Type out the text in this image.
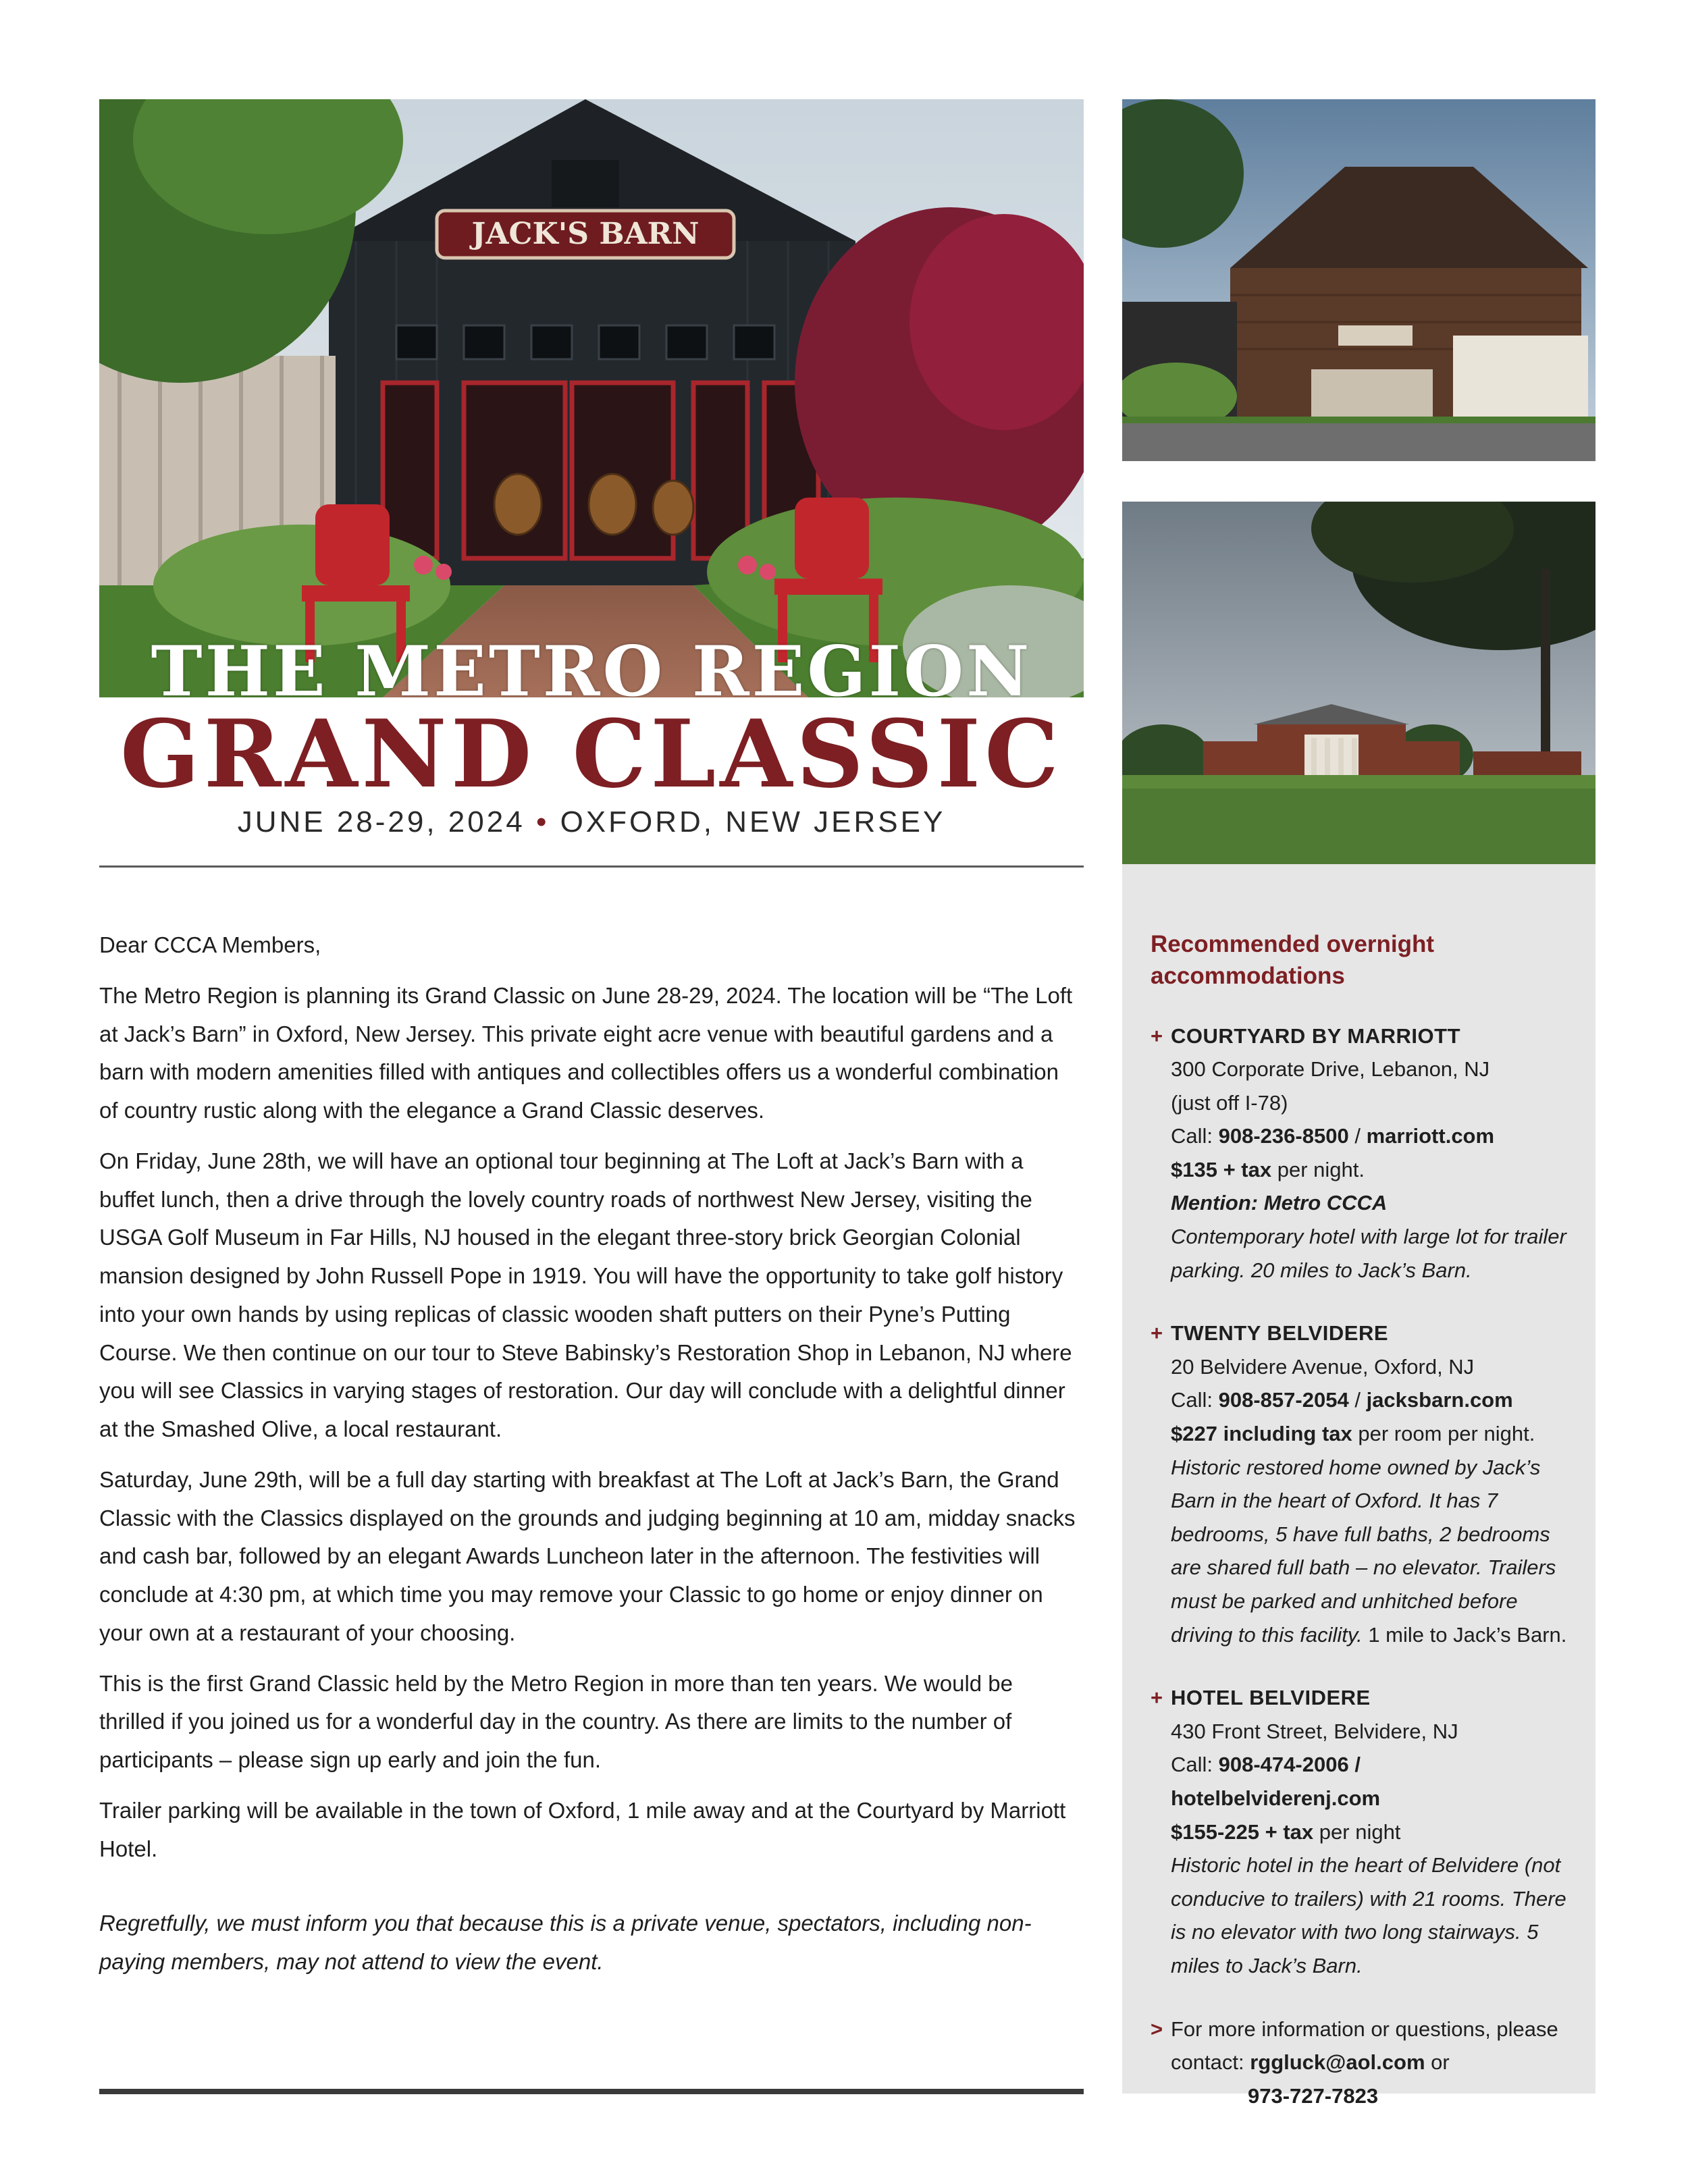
JACK'S BARN
THE METRO REGION
GRAND CLASSIC
JUNE 28-29, 2024 • OXFORD, NEW JERSEY

Dear CCCA Members,

The Metro Region is planning its Grand Classic on June 28-29, 2024. The location will be “The Loft at Jack’s Barn” in Oxford, New Jersey. This private eight acre venue with beautiful gardens and a barn with modern amenities filled with antiques and collectibles offers us a wonderful combination of country rustic along with the elegance a Grand Classic deserves.

On Friday, June 28th, we will have an optional tour beginning at The Loft at Jack’s Barn with a buffet lunch, then a drive through the lovely country roads of northwest New Jersey, visiting the USGA Golf Museum in Far Hills, NJ housed in the elegant three-story brick Georgian Colonial mansion designed by John Russell Pope in 1919. You will have the opportunity to take golf history into your own hands by using replicas of classic wooden shaft putters on their Pyne’s Putting Course. We then continue on our tour to Steve Babinsky’s Restoration Shop in Lebanon, NJ where you will see Classics in varying stages of restoration. Our day will conclude with a delightful dinner at the Smashed Olive, a local restaurant.

Saturday, June 29th, will be a full day starting with breakfast at The Loft at Jack’s Barn, the Grand Classic with the Classics displayed on the grounds and judging beginning at 10 am, midday snacks and cash bar, followed by an elegant Awards Luncheon later in the afternoon. The festivities will conclude at 4:30 pm, at which time you may remove your Classic to go home or enjoy dinner on your own at a restaurant of your choosing.

This is the first Grand Classic held by the Metro Region in more than ten years. We would be thrilled if you joined us for a wonderful day in the country. As there are limits to the number of participants – please sign up early and join the fun.

Trailer parking will be available in the town of Oxford, 1 mile away and at the Courtyard by Marriott Hotel.

Regretfully, we must inform you that because this is a private venue, spectators, including non-paying members, may not attend to view the event.

Recommended overnight accommodations
+ COURTYARD BY MARRIOTT
300 Corporate Drive, Lebanon, NJ
(just off I-78)
Call: 908-236-8500 / marriott.com
$135 + tax per night.
Mention: Metro CCCA
Contemporary hotel with large lot for trailer parking. 20 miles to Jack’s Barn.
+ TWENTY BELVIDERE
20 Belvidere Avenue, Oxford, NJ
Call: 908-857-2054 / jacksbarn.com
$227 including tax per room per night.
Historic restored home owned by Jack’s Barn in the heart of Oxford. It has 7 bedrooms, 5 have full baths, 2 bedrooms are shared full bath – no elevator. Trailers must be parked and unhitched before driving to this facility. 1 mile to Jack’s Barn.
+ HOTEL BELVIDERE
430 Front Street, Belvidere, NJ
Call: 908-474-2006 / hotelbelviderenj.com
$155-225 + tax per night
Historic hotel in the heart of Belvidere (not conducive to trailers) with 21 rooms. There is no elevator with two long stairways. 5 miles to Jack’s Barn.
> For more information or questions, please contact: rggluck@aol.com or
973-727-7823
